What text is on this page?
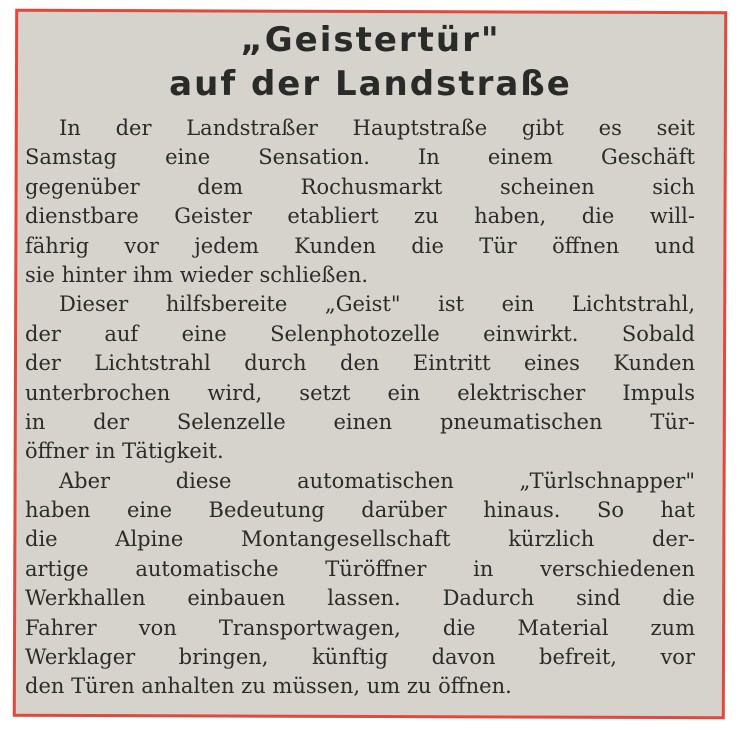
„Geistertür"
auf der Landstraße
In der Landstraßer Hauptstraße gibt es seit
Samstag eine Sensation. In einem Geschäft
gegenüber dem Rochusmarkt scheinen sich
dienstbare Geister etabliert zu haben, die will-
fährig vor jedem Kunden die Tür öffnen und
sie hinter ihm wieder schließen.
Dieser hilfsbereite „Geist" ist ein Lichtstrahl,
der auf eine Selenphotozelle einwirkt. Sobald
der Lichtstrahl durch den Eintritt eines Kunden
unterbrochen wird, setzt ein elektrischer Impuls
in der Selenzelle einen pneumatischen Tür-
öffner in Tätigkeit.
Aber diese automatischen „Türlschnapper"
haben eine Bedeutung darüber hinaus. So hat
die Alpine Montangesellschaft kürzlich der-
artige automatische Türöffner in verschiedenen
Werkhallen einbauen lassen. Dadurch sind die
Fahrer von Transportwagen, die Material zum
Werklager bringen, künftig davon befreit, vor
den Türen anhalten zu müssen, um zu öffnen.
